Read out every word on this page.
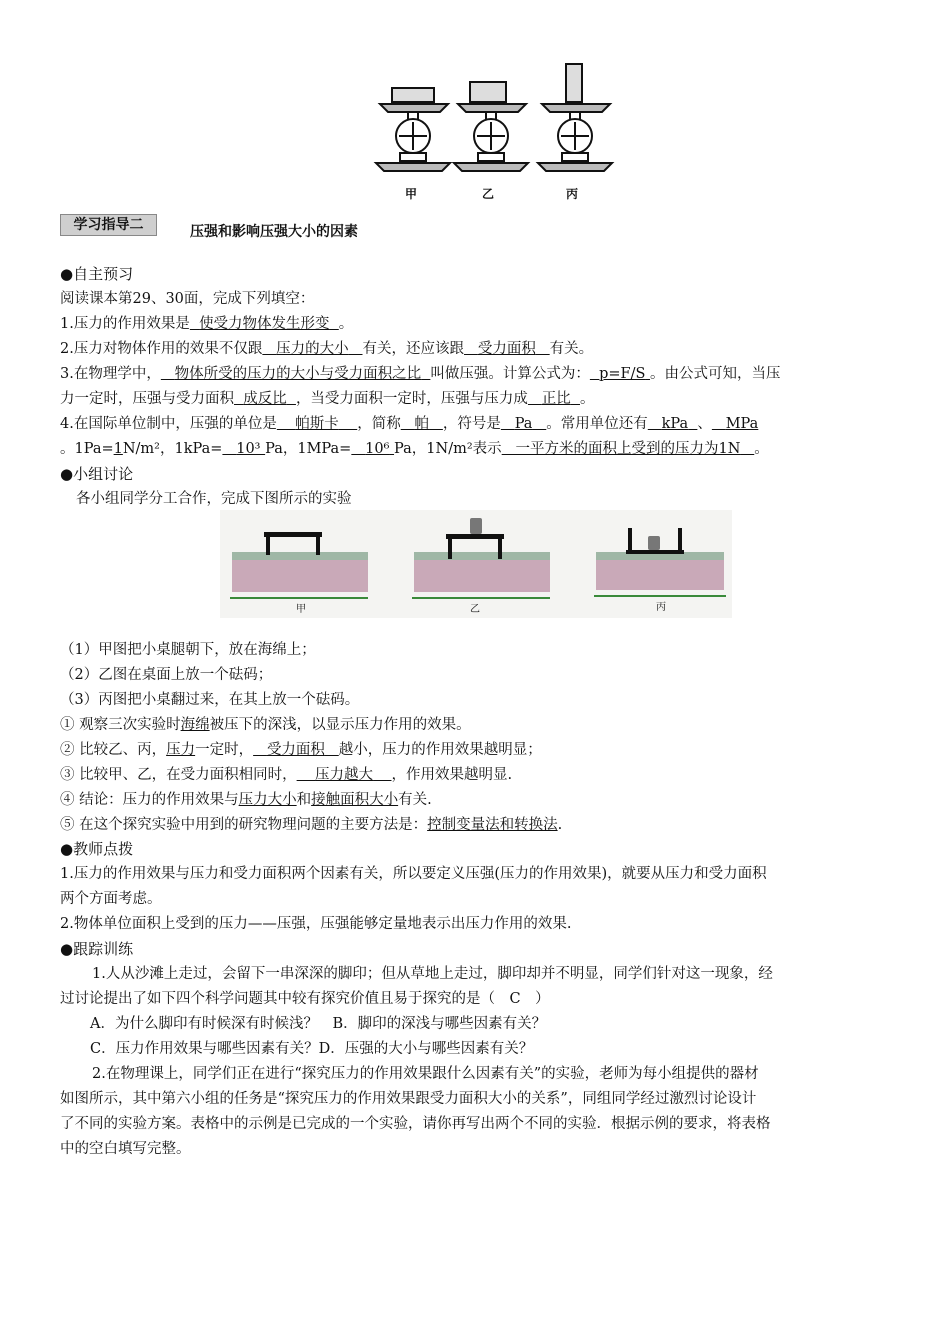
甲	乙	丙
学习指导二	压强和影响压强大小的因素
●自主预习
阅读课本第29、30面，完成下列填空：
1.压力的作用效果是 使受力物体发生形变 。
2.压力对物体作用的效果不仅跟 压力的大小 有关，还应该跟 受力面积 有关。
3.在物理学中， 物体所受的压力的大小与受力面积之比 叫做压强。计算公式为： p=F/S 。由公式可知，当压
力一定时，压强与受力面积 成反比 ，当受力面积一定时，压强与压力成 正比 。
4.在国际单位制中，压强的单位是 帕斯卡 ，简称 帕 ，符号是 Pa 。常用单位还有 kPa 、 MPa
。1Pa=1N/m²，1kPa= 10³ Pa，1MPa= 10⁶ Pa，1N/m²表示 一平方米的面积上受到的压力为1N 。
●小组讨论
各小组同学分工合作，完成下图所示的实验
甲	乙	丙
（1）甲图把小桌腿朝下，放在海绵上；
（2）乙图在桌面上放一个砝码；
（3）丙图把小桌翻过来，在其上放一个砝码。
① 观察三次实验时海绵被压下的深浅，以显示压力作用的效果。
② 比较乙、丙，压力一定时， 受力面积 越小，压力的作用效果越明显；
③ 比较甲、乙，在受力面积相同时， 压力越大 ，作用效果越明显.
④ 结论：压力的作用效果与压力大小和接触面积大小有关.
⑤ 在这个探究实验中用到的研究物理问题的主要方法是：控制变量法和转换法.
●教师点拨
1.压力的作用效果与压力和受力面积两个因素有关，所以要定义压强(压力的作用效果)，就要从压力和受力面积
两个方面考虑。
2.物体单位面积上受到的压力——压强，压强能够定量地表示出压力作用的效果.
●跟踪训练
1.人从沙滩上走过，会留下一串深深的脚印；但从草地上走过，脚印却并不明显，同学们针对这一现象，经
过讨论提出了如下四个科学问题其中较有探究价值且易于探究的是（　C　）
A．为什么脚印有时候深有时候浅？　B．脚印的深浅与哪些因素有关？
C．压力作用效果与哪些因素有关？D．压强的大小与哪些因素有关？
2.在物理课上，同学们正在进行“探究压力的作用效果跟什么因素有关”的实验，老师为每小组提供的器材
如图所示，其中第六小组的任务是“探究压力的作用效果跟受力面积大小的关系”，同组同学经过激烈讨论设计
了不同的实验方案。表格中的示例是已完成的一个实验，请你再写出两个不同的实验．根据示例的要求，将表格
中的空白填写完整。
